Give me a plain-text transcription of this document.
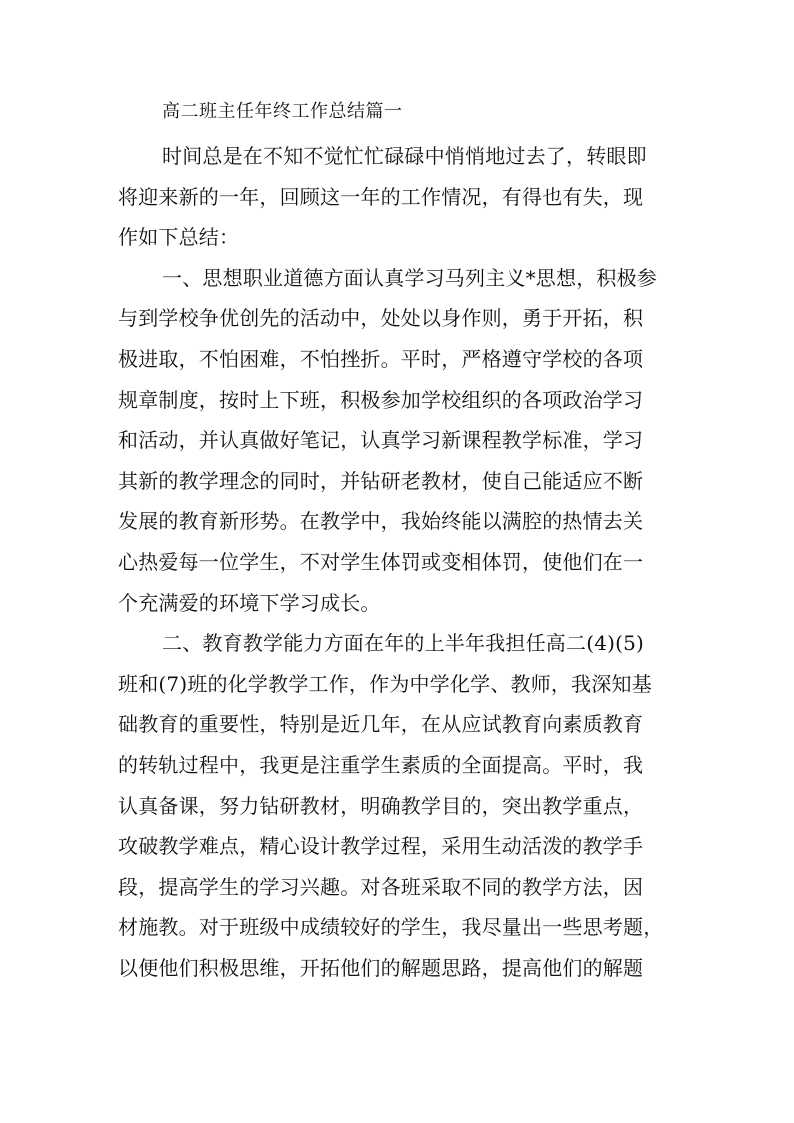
高二班主任年终工作总结篇一
时间总是在不知不觉忙忙碌碌中悄悄地过去了，转眼即
将迎来新的一年，回顾这一年的工作情况，有得也有失，现
作如下总结：
一、思想职业道德方面认真学习马列主义*思想，积极参
与到学校争优创先的活动中，处处以身作则，勇于开拓，积
极进取，不怕困难，不怕挫折。平时，严格遵守学校的各项
规章制度，按时上下班，积极参加学校组织的各项政治学习
和活动，并认真做好笔记，认真学习新课程教学标准，学习
其新的教学理念的同时，并钻研老教材，使自己能适应不断
发展的教育新形势。在教学中，我始终能以满腔的热情去关
心热爱每一位学生，不对学生体罚或变相体罚，使他们在一
个充满爱的环境下学习成长。
二、教育教学能力方面在年的上半年我担任高二(4)(5)
班和(7)班的化学教学工作，作为中学化学、教师，我深知基
础教育的重要性，特别是近几年，在从应试教育向素质教育
的转轨过程中，我更是注重学生素质的全面提高。平时，我
认真备课，努力钻研教材，明确教学目的，突出教学重点，
攻破教学难点，精心设计教学过程，采用生动活泼的教学手
段，提高学生的学习兴趣。对各班采取不同的教学方法，因
材施教。对于班级中成绩较好的学生，我尽量出一些思考题，
以便他们积极思维，开拓他们的解题思路，提高他们的解题
